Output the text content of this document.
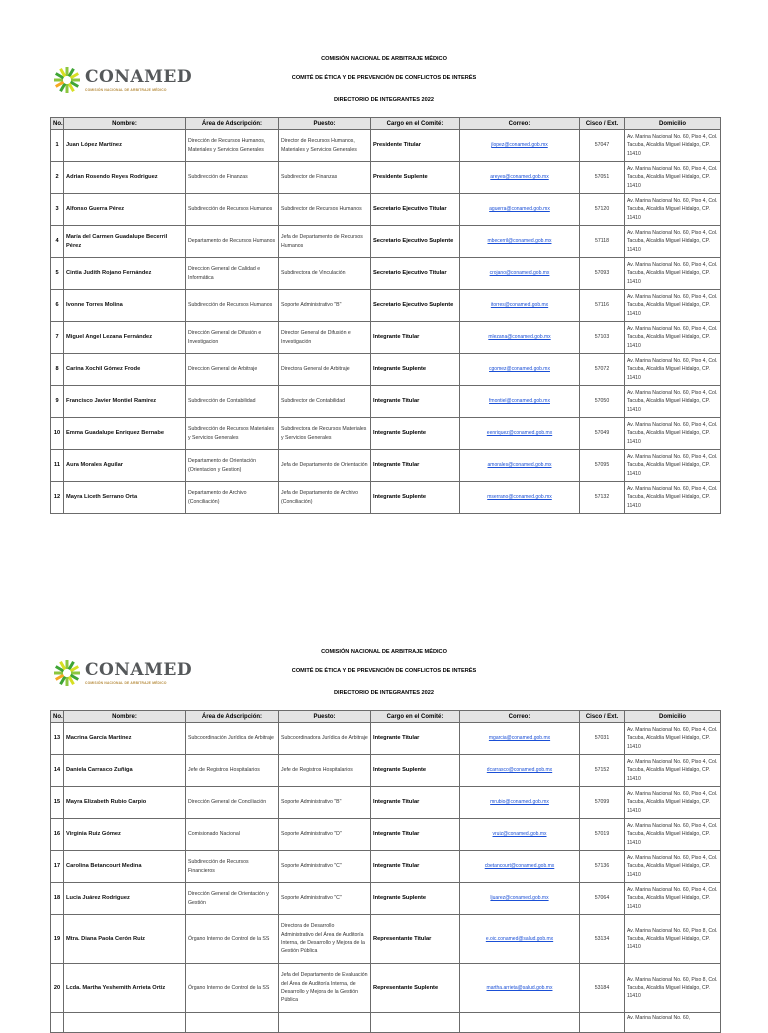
CONAMED
COMISIÓN NACIONAL DE ARBITRAJE MÉDICO
COMISIÓN NACIONAL DE ARBITRAJE MÉDICO
COMITÉ DE ÉTICA Y DE PREVENCIÓN DE CONFLICTOS DE INTERÉS
DIRECTORIO DE INTEGRANTES 2022
No.	Nombre:	Área de Adscripción:	Puesto:	Cargo en el Comité:	Correo:	Cisco / Ext.	Domicilio
1	Juan López Martínez	Dirección de Recursos Humanos, Materiales y Servicios Generales	Director de Recursos Humanos, Materiales y Servicios Generales	Presidente Titular	jlopez@conamed.gob.mx	57047	Av. Marina Nacional No. 60, Piso 4, Col. Tacuba, Alcaldía Miguel Hidalgo, CP. 11410
2	Adrian Rosendo Reyes Rodriguez	Subdirección de Finanzas	Subdirector de Finanzas	Presidente Suplente	areyes@conamed.gob.mx	57051	Av. Marina Nacional No. 60, Piso 4, Col. Tacuba, Alcaldía Miguel Hidalgo, CP. 11410
3	Alfonso Guerra Pérez	Subdirección de Recursos Humanos	Subdirector de Recursos Humanos	Secretario Ejecutivo Titular	aguerra@conamed.gob.mx	57120	Av. Marina Nacional No. 60, Piso 4, Col. Tacuba, Alcaldía Miguel Hidalgo, CP. 11410
4	María del Carmen Guadalupe Becerril Pérez	Departamento de Recursos Humanos	Jefa de Departamento de Recursos Humanos	Secretario Ejecutivo Suplente	mbecerril@conamed.gob.mx	57118	Av. Marina Nacional No. 60, Piso 4, Col. Tacuba, Alcaldía Miguel Hidalgo, CP. 11410
5	Cintia Judith Rojano Fernández	Direccion General de Calidad e Informática	Subdirectora de Vinculación	Secretario Ejecutivo Titular	crojano@conamed.gob.mx	57093	Av. Marina Nacional No. 60, Piso 4, Col. Tacuba, Alcaldía Miguel Hidalgo, CP. 11410
6	Ivonne Torres Molina	Subdirección de Recursos Humanos	Soporte Administrativo "B"	Secretario Ejecutivo Suplente	itorres@conamed.gob.mx	57116	Av. Marina Nacional No. 60, Piso 4, Col. Tacuba, Alcaldía Miguel Hidalgo, CP. 11410
7	Miguel Angel Lezana Fernández	Dirección General de Difusión e Investigacion	Director General de Difusión e Investigación	Integrante Titular	mlezana@conamed.gob.mx	57103	Av. Marina Nacional No. 60, Piso 4, Col. Tacuba, Alcaldía Miguel Hidalgo, CP. 11410
8	Carina Xochil Gómez Frode	Direccion General de Arbitraje	Directora General de Arbitraje	Integrante Suplente	cgomez@conamed.gob.mx	57072	Av. Marina Nacional No. 60, Piso 4, Col. Tacuba, Alcaldía Miguel Hidalgo, CP. 11410
9	Francisco Javier Montiel Ramirez	Subdirección de Contabilidad	Subdirector de Contabilidad	Integrante Titular	fmontiel@conamed.gob.mx	57050	Av. Marina Nacional No. 60, Piso 4, Col. Tacuba, Alcaldía Miguel Hidalgo, CP. 11410
10	Emma Guadalupe Enriquez Bernabe	Subdirección de Recursos Materiales y Servicios Generales	Subdirectora de Recursos Materiales y Servicios Generales	Integrante Suplente	eenriquez@conamed.gob.mx	57049	Av. Marina Nacional No. 60, Piso 4, Col. Tacuba, Alcaldía Miguel Hidalgo, CP. 11410
11	Aura Morales Aguilar	Departamento de Orientación (Orientacion y Gestion)	Jefa de Departamento de Orientación	Integrante Titular	amorales@conamed.gob.mx	57095	Av. Marina Nacional No. 60, Piso 4, Col. Tacuba, Alcaldía Miguel Hidalgo, CP. 11410
12	Mayra Liceth Serrano Orta	Departamento de Archivo (Conciliación)	Jefa de Departamento de Archivo (Conciliación)	Integrante Suplente	mserrano@conamed.gob.mx	57132	Av. Marina Nacional No. 60, Piso 4, Col. Tacuba, Alcaldía Miguel Hidalgo, CP. 11410
CONAMED
COMISIÓN NACIONAL DE ARBITRAJE MÉDICO
COMISIÓN NACIONAL DE ARBITRAJE MÉDICO
COMITÉ DE ÉTICA Y DE PREVENCIÓN DE CONFLICTOS DE INTERÉS
DIRECTORIO DE INTEGRANTES 2022
No.	Nombre:	Área de Adscripción:	Puesto:	Cargo en el Comité:	Correo:	Cisco / Ext.	Domicilio
13	Macrina García Martínez	Subcoordinación Jurídica de Arbitraje	Subcoordinadora Jurídica de Arbitraje	Integrante Titular	mgarcia@conamed.gob.mx	57031	Av. Marina Nacional No. 60, Piso 4, Col. Tacuba, Alcaldía Miguel Hidalgo, CP. 11410
14	Daniela Carrasco Zuñiga	Jefe de Registros Hospitalarios	Jefe de Registros Hospitalarios	Integrante Suplente	dcarrasco@conamed.gob.mx	57152	Av. Marina Nacional No. 60, Piso 4, Col. Tacuba, Alcaldía Miguel Hidalgo, CP. 11410
15	Mayra Elizabeth Rubio Carpio	Dirección General de Conciliación	Soporte Administrativo "B"	Integrante Titular	mrubio@conamed.gob.mx	57099	Av. Marina Nacional No. 60, Piso 4, Col. Tacuba, Alcaldía Miguel Hidalgo, CP. 11410
16	Virginia Ruiz Gómez	Comisionado Nacional	Soporte Administrativo "D"	Integrante Titular	vruiz@conamed.gob.mx	57019	Av. Marina Nacional No. 60, Piso 4, Col. Tacuba, Alcaldía Miguel Hidalgo, CP. 11410
17	Carolina Betancourt Medina	Subdirección de Recursos Financieros	Soporte Administrativo "C"	Integrante Titular	cbetancourt@conamed.gob.mx	57136	Av. Marina Nacional No. 60, Piso 4, Col. Tacuba, Alcaldía Miguel Hidalgo, CP. 11410
18	Lucia Juárez Rodriguez	Dirección General de Orientación y Gestión	Soporte Administrativo "C"	Integrante Suplente	ljuarez@conamed.gob.mx	57064	Av. Marina Nacional No. 60, Piso 4, Col. Tacuba, Alcaldía Miguel Hidalgo, CP. 11410
19	Mtra. Diana Paola Cerón Ruiz	Órgano Interno de Control de la SS	Directora de Desarrollo Administrativo del Área de Auditoría Interna, de Desarrollo y Mejora de la Gestión Pública	Representante Titular	e.oic.conamed@salud.gob.mx	53134	Av. Marina Nacional No. 60, Piso 8, Col. Tacuba, Alcaldía Miguel Hidalgo, CP. 11410
20	Lcda. Martha Yeshemith Arrieta Ortiz	Órgano Interno de Control de la SS	Jefa del Departamento de Evaluación del Área de Auditoría Interna, de Desarrollo y Mejora de la Gestión Pública	Representante Suplente	martha.arrieta@salud.gob.mx	53184	Av. Marina Nacional No. 60, Piso 8, Col. Tacuba, Alcaldía Miguel Hidalgo, CP. 11410
							Av. Marina Nacional No. 60,
